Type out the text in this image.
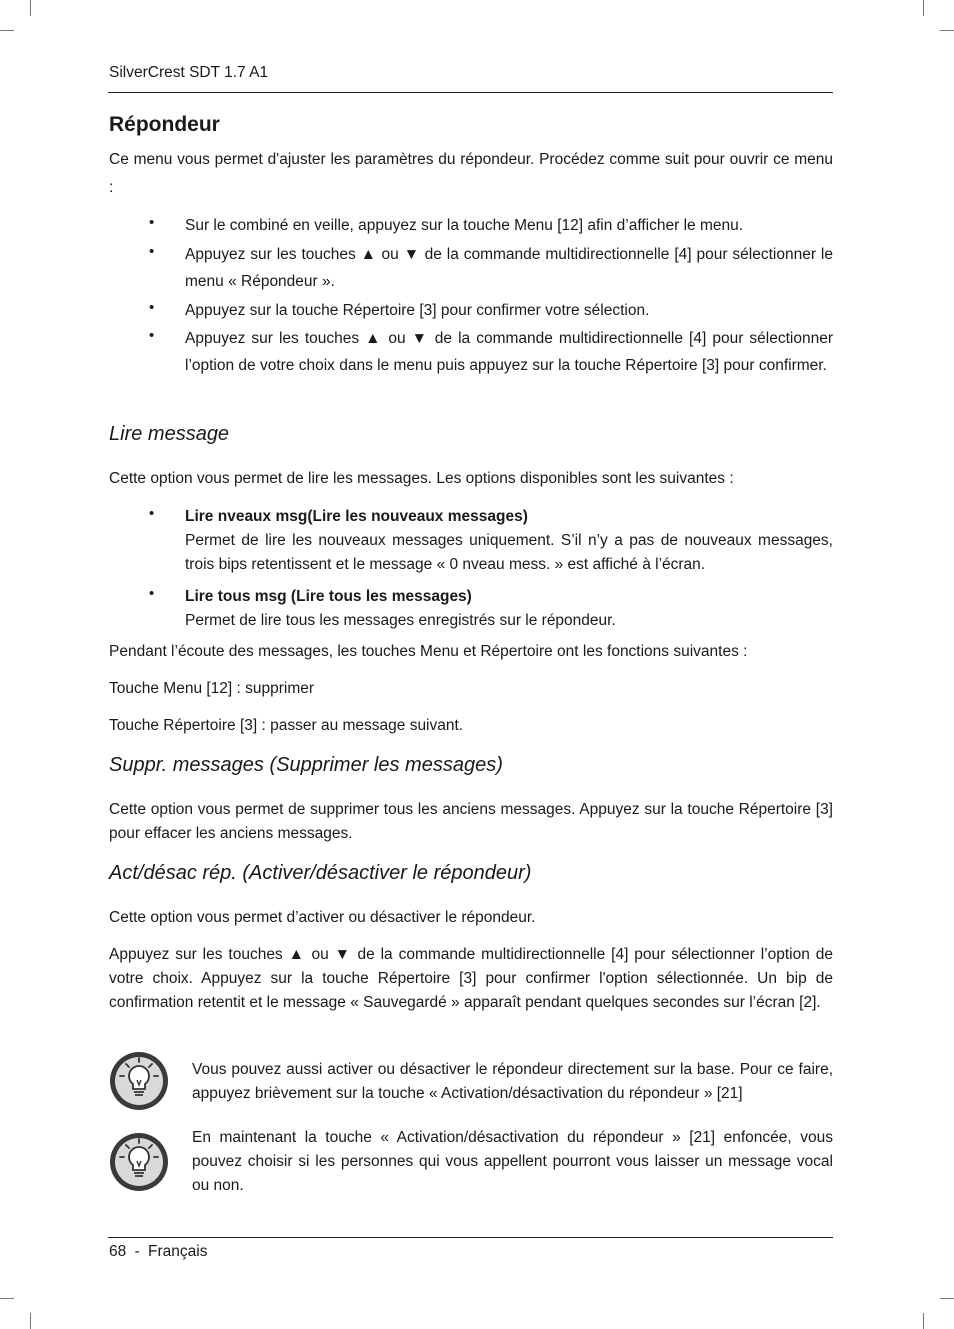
SilverCrest SDT 1.7 A1
Répondeur
Ce menu vous permet d'ajuster les paramètres du répondeur. Procédez comme suit pour ouvrir ce menu :
• Sur le combiné en veille, appuyez sur la touche Menu [12] afin d’afficher le menu.
• Appuyez sur les touches ▲ ou ▼ de la commande multidirectionnelle [4] pour sélectionner le menu « Répondeur ».
• Appuyez sur la touche Répertoire [3] pour confirmer votre sélection.
• Appuyez sur les touches ▲ ou ▼ de la commande multidirectionnelle [4] pour sélectionner l’option de votre choix dans le menu puis appuyez sur la touche Répertoire [3] pour confirmer.
Lire message
Cette option vous permet de lire les messages. Les options disponibles sont les suivantes :
• Lire nveaux msg(Lire les nouveaux messages)
Permet de lire les nouveaux messages uniquement. S’il n’y a pas de nouveaux messages, trois bips retentissent et le message « 0 nveau mess. » est affiché à l’écran.
• Lire tous msg (Lire tous les messages)
Permet de lire tous les messages enregistrés sur le répondeur.
Pendant l’écoute des messages, les touches Menu et Répertoire ont les fonctions suivantes :
Touche Menu [12] : supprimer
Touche Répertoire [3] : passer au message suivant.
Suppr. messages (Supprimer les messages)
Cette option vous permet de supprimer tous les anciens messages. Appuyez sur la touche Répertoire [3] pour effacer les anciens messages.
Act/désac rép. (Activer/désactiver le répondeur)
Cette option vous permet d’activer ou désactiver le répondeur.
Appuyez sur les touches ▲ ou ▼ de la commande multidirectionnelle [4] pour sélectionner l’option de votre choix. Appuyez sur la touche Répertoire [3] pour confirmer l'option sélectionnée. Un bip de confirmation retentit et le message « Sauvegardé » apparaît pendant quelques secondes sur l’écran [2].
Vous pouvez aussi activer ou désactiver le répondeur directement sur la base. Pour ce faire, appuyez brièvement sur la touche « Activation/désactivation du répondeur » [21]
En maintenant la touche « Activation/désactivation du répondeur » [21] enfoncée, vous pouvez choisir si les personnes qui vous appellent pourront vous laisser un message vocal ou non.
68 - Français
